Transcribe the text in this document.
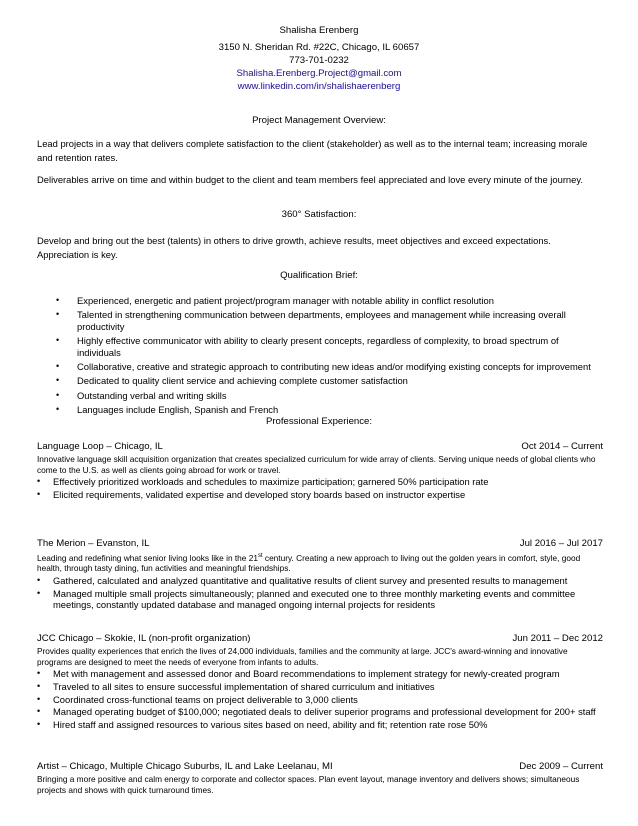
Shalisha Erenberg
3150 N. Sheridan Rd. #22C, Chicago, IL 60657
773-701-0232
Shalisha.Erenberg.Project@gmail.com
www.linkedin.com/in/shalishaerenberg
Project Management Overview:
Lead projects in a way that delivers complete satisfaction to the client (stakeholder) as well as to the internal team; increasing morale and retention rates.
Deliverables arrive on time and within budget to the client and team members feel appreciated and love every minute of the journey.
360° Satisfaction:
Develop and bring out the best (talents) in others to drive growth, achieve results, meet objectives and exceed expectations. Appreciation is key.
Qualification Brief:
• Experienced, energetic and patient project/program manager with notable ability in conflict resolution
• Talented in strengthening communication between departments, employees and management while increasing overall productivity
• Highly effective communicator with ability to clearly present concepts, regardless of complexity, to broad spectrum of individuals
• Collaborative, creative and strategic approach to contributing new ideas and/or modifying existing concepts for improvement
• Dedicated to quality client service and achieving complete customer satisfaction
• Outstanding verbal and writing skills
• Languages include English, Spanish and French
Professional Experience:
Language Loop – Chicago, IL	Oct 2014 – Current
Innovative language skill acquisition organization that creates specialized curriculum for wide array of clients. Serving unique needs of global clients who come to the U.S. as well as clients going abroad for work or travel.
• Effectively prioritized workloads and schedules to maximize participation; garnered 50% participation rate
• Elicited requirements, validated expertise and developed story boards based on instructor expertise
The Merion – Evanston, IL	Jul 2016 – Jul 2017
Leading and redefining what senior living looks like in the 21st century. Creating a new approach to living out the golden years in comfort, style, good health, through tasty dining, fun activities and meaningful friendships.
• Gathered, calculated and analyzed quantitative and qualitative results of client survey and presented results to management
• Managed multiple small projects simultaneously; planned and executed one to three monthly marketing events and committee meetings, constantly updated database and managed ongoing internal projects for residents
JCC Chicago – Skokie, IL (non-profit organization)	Jun 2011 – Dec 2012
Provides quality experiences that enrich the lives of 24,000 individuals, families and the community at large. JCC's award-winning and innovative programs are designed to meet the needs of everyone from infants to adults.
• Met with management and assessed donor and Board recommendations to implement strategy for newly-created program
• Traveled to all sites to ensure successful implementation of shared curriculum and initiatives
• Coordinated cross-functional teams on project deliverable to 3,000 clients
• Managed operating budget of $100,000; negotiated deals to deliver superior programs and professional development for 200+ staff
• Hired staff and assigned resources to various sites based on need, ability and fit; retention rate rose 50%
Artist – Chicago, Multiple Chicago Suburbs, IL and Lake Leelanau, MI	Dec 2009 – Current
Bringing a more positive and calm energy to corporate and collector spaces. Plan event layout, manage inventory and delivers shows; simultaneous projects and shows with quick turnaround times.
